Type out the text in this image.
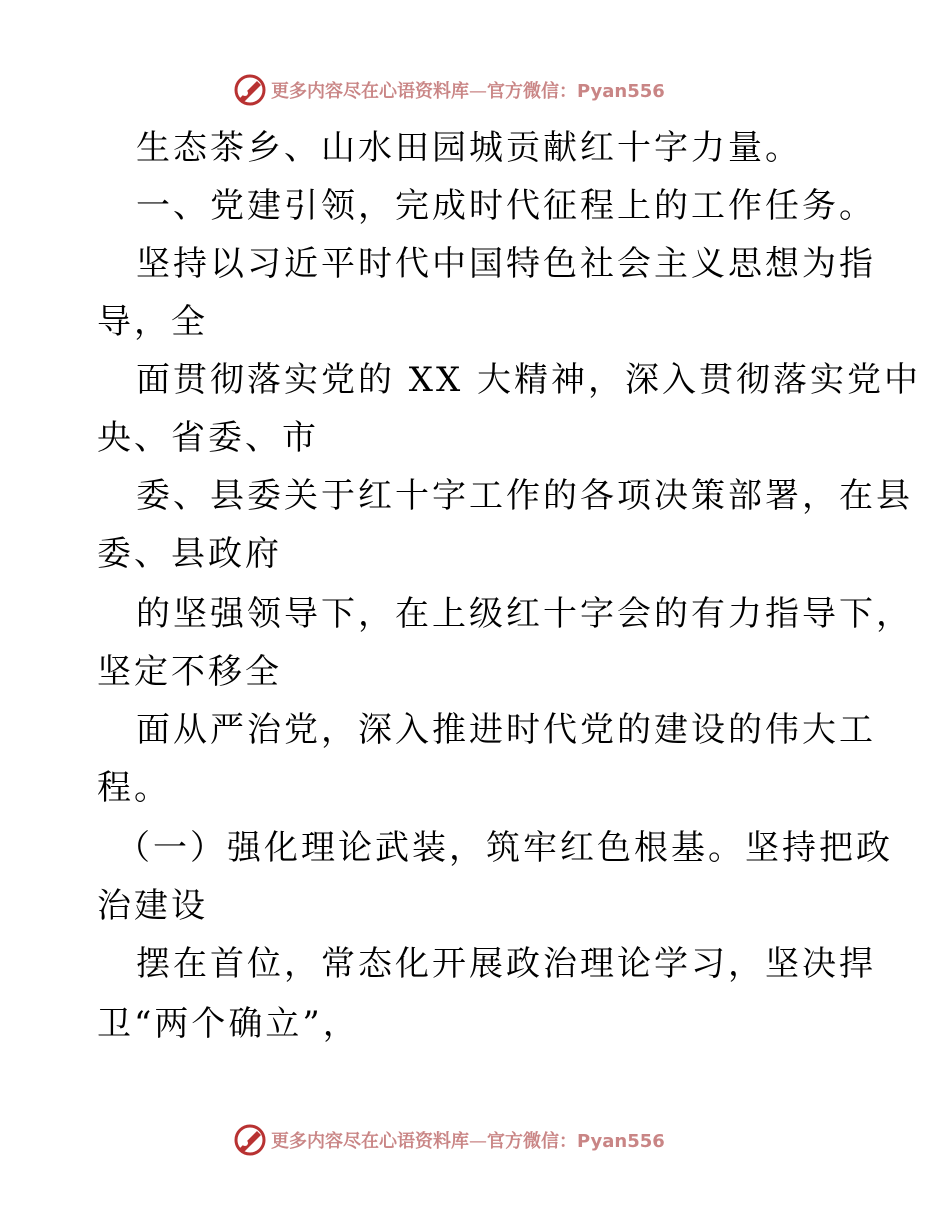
更多内容尽在心语资料库—官方微信：Pyan556
生态茶乡、山水田园城贡献红十字力量。
一、党建引领，完成时代征程上的工作任务。
坚持以习近平时代中国特色社会主义思想为指
导，全
面贯彻落实党的 XX 大精神，深入贯彻落实党中
央、省委、市
委、县委关于红十字工作的各项决策部署，在县
委、县政府
的坚强领导下，在上级红十字会的有力指导下，
坚定不移全
面从严治党，深入推进时代党的建设的伟大工
程。
（一）强化理论武装，筑牢红色根基。坚持把政
治建设
摆在首位，常态化开展政治理论学习，坚决捍
卫“两个确立”，
更多内容尽在心语资料库—官方微信：Pyan556
